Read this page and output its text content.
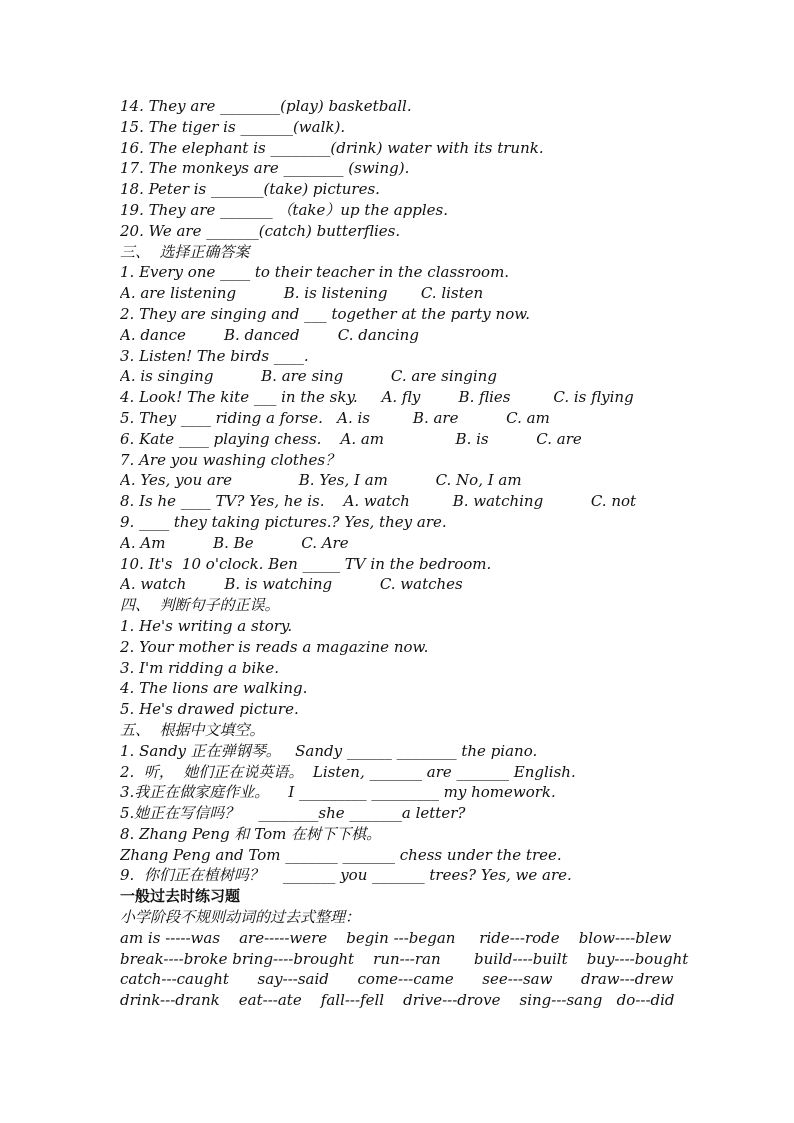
14. They are ________(play) basketball.
15. The tiger is _______(walk).
16. The elephant is ________(drink) water with its trunk.
17. The monkeys are ________ (swing).
18. Peter is _______(take) pictures.
19. They are _______ （take）up the apples.
20. We are _______(catch) butterflies.
三、  选择正确答案
1. Every one ____ to their teacher in the classroom.
A. are listening          B. is listening       C. listen
2. They are singing and ___ together at the party now.
A. dance        B. danced        C. dancing
3. Listen! The birds ____.
A. is singing          B. are sing          C. are singing
4. Look! The kite ___ in the sky.     A. fly        B. flies         C. is flying
5. They ____ riding a forse.   A. is         B. are          C. am
6. Kate ____ playing chess.    A. am               B. is          C. are
7. Are you washing clothes？
A. Yes, you are              B. Yes, I am          C. No, I am
8. Is he ____ TV? Yes, he is.    A. watch         B. watching          C. not
9. ____ they taking pictures.? Yes, they are.
A. Am          B. Be          C. Are
10. It's  10 o'clock. Ben _____ TV in the bedroom.
A. watch        B. is watching          C. watches
四、  判断句子的正误。
1. He's writing a story.
2. Your mother is reads a magazine now.
3. I'm ridding a bike.
4. The lions are walking.
5. He's drawed picture.
五、  根据中文填空。
1. Sandy 正在弹钢琴。   Sandy ______ ________ the piano.
2.  听，  她们正在说英语。  Listen, _______ are _______ English.
3.我正在做家庭作业。    I _________ _________ my homework.
5.她正在写信吗？    ________she _______a letter?
8. Zhang Peng 和 Tom 在树下下棋。
Zhang Peng and Tom _______ _______ chess under the tree.
9.  你们正在植树吗？    _______ you _______ trees? Yes, we are.
一般过去时练习题
小学阶段不规则动词的过去式整理：
am is -----was    are-----were    begin ---began     ride---rode    blow----blew
break----broke bring----brought    run---ran       build----built    buy----bought
catch---caught      say---said      come---came      see---saw      draw---drew
drink---drank    eat---ate    fall---fell    drive---drove    sing---sang   do---did
